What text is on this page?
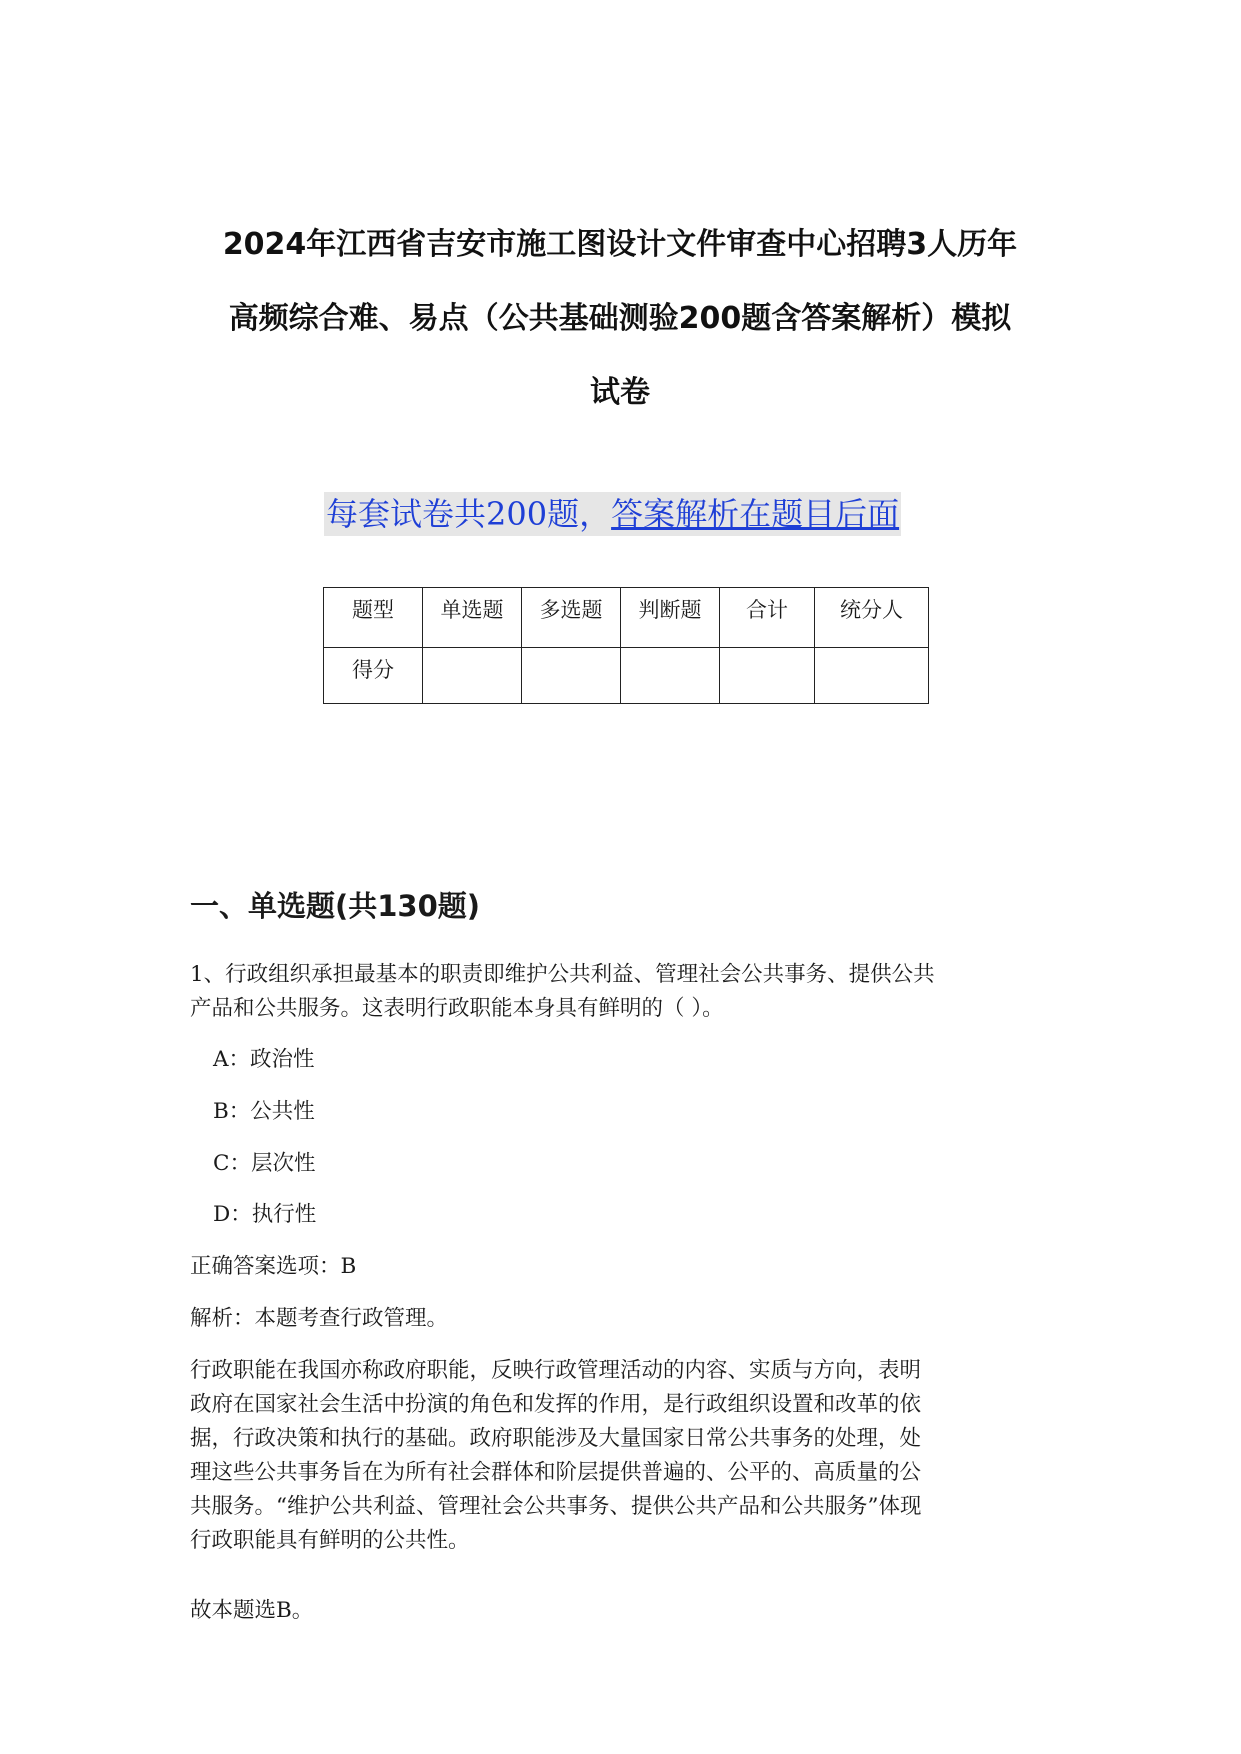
2024年江西省吉安市施工图设计文件审查中心招聘3人历年
高频综合难、易点（公共基础测验200题含答案解析）模拟
试卷
每套试卷共200题，答案解析在题目后面
题型	单选题	多选题	判断题	合计	统分人
得分					
一、单选题(共130题)
1、行政组织承担最基本的职责即维护公共利益、管理社会公共事务、提供公共
产品和公共服务。这表明行政职能本身具有鲜明的（ ）。
A：政治性
B：公共性
C：层次性
D：执行性
正确答案选项：B
解析：本题考查行政管理。
行政职能在我国亦称政府职能，反映行政管理活动的内容、实质与方向，表明
政府在国家社会生活中扮演的角色和发挥的作用，是行政组织设置和改革的依
据，行政决策和执行的基础。政府职能涉及大量国家日常公共事务的处理，处
理这些公共事务旨在为所有社会群体和阶层提供普遍的、公平的、高质量的公
共服务。“维护公共利益、管理社会公共事务、提供公共产品和公共服务”体现
行政职能具有鲜明的公共性。
故本题选B。
